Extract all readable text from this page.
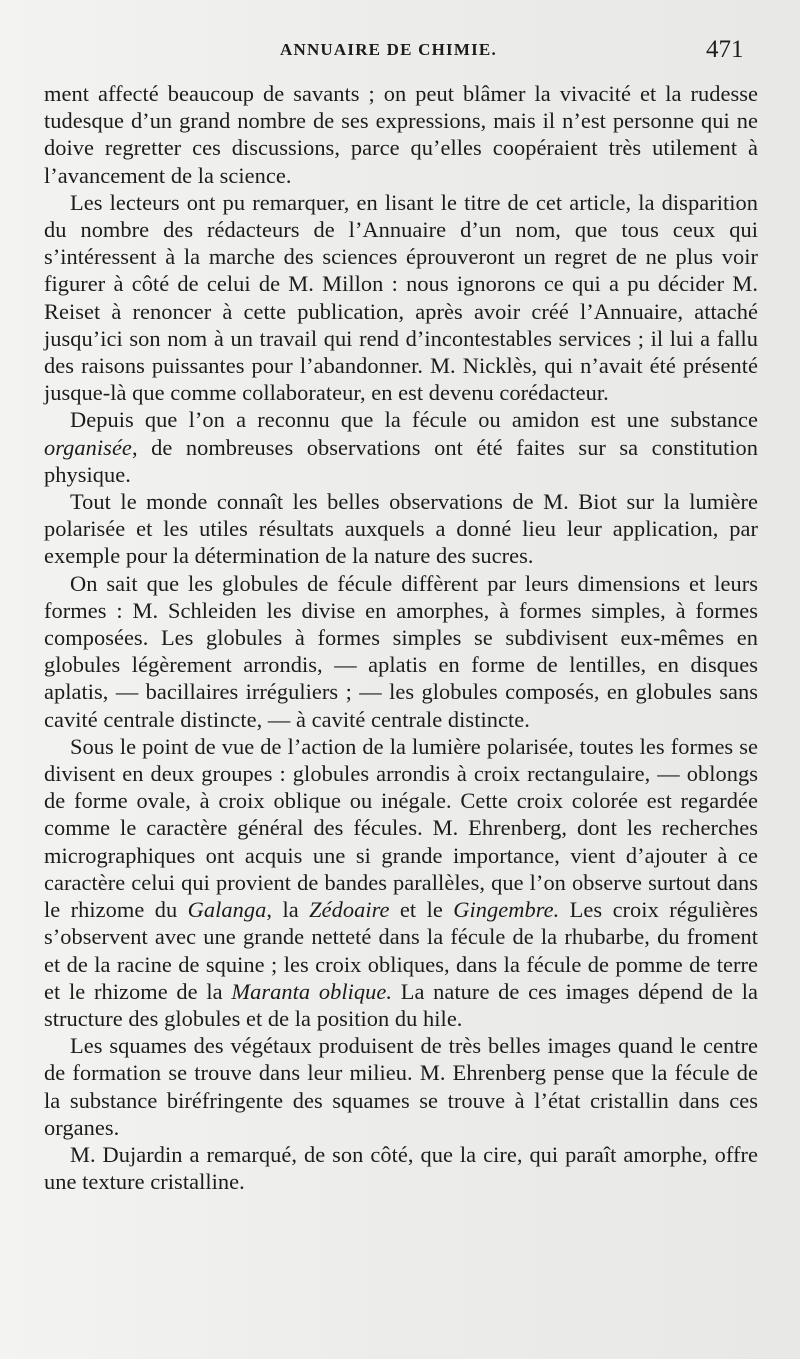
ANNUAIRE DE CHIMIE.	471

ment affecté beaucoup de savants ; on peut blâmer la vivacité et la rudesse tudesque d’un grand nombre de ses expressions, mais il n’est personne qui ne doive regretter ces discussions, parce qu’elles coopéraient très utilement à l’avancement de la science.

Les lecteurs ont pu remarquer, en lisant le titre de cet article, la disparition du nombre des rédacteurs de l’Annuaire d’un nom, que tous ceux qui s’intéressent à la marche des sciences éprouveront un regret de ne plus voir figurer à côté de celui de M. Millon : nous ignorons ce qui a pu décider M. Reiset à renoncer à cette publication, après avoir créé l’Annuaire, attaché jusqu’ici son nom à un travail qui rend d’incontestables services ; il lui a fallu des raisons puissantes pour l’abandonner. M. Nicklès, qui n’avait été présenté jusque-là que comme collaborateur, en est devenu corédacteur.

Depuis que l’on a reconnu que la fécule ou amidon est une substance organisée, de nombreuses observations ont été faites sur sa constitution physique.

Tout le monde connaît les belles observations de M. Biot sur la lumière polarisée et les utiles résultats auxquels a donné lieu leur application, par exemple pour la détermination de la nature des sucres.

On sait que les globules de fécule diffèrent par leurs dimensions et leurs formes : M. Schleiden les divise en amorphes, à formes simples, à formes composées. Les globules à formes simples se subdivisent eux-mêmes en globules légèrement arrondis, — aplatis en forme de lentilles, en disques aplatis, — bacillaires irréguliers ; — les globules composés, en globules sans cavité centrale distincte, — à cavité centrale distincte.

Sous le point de vue de l’action de la lumière polarisée, toutes les formes se divisent en deux groupes : globules arrondis à croix rectangulaire, — oblongs de forme ovale, à croix oblique ou inégale. Cette croix colorée est regardée comme le caractère général des fécules. M. Ehrenberg, dont les recherches micrographiques ont acquis une si grande importance, vient d’ajouter à ce caractère celui qui provient de bandes parallèles, que l’on observe surtout dans le rhizome du Galanga, la Zédoaire et le Gingembre. Les croix régulières s’observent avec une grande netteté dans la fécule de la rhubarbe, du froment et de la racine de squine ; les croix obliques, dans la fécule de pomme de terre et le rhizome de la Maranta oblique. La nature de ces images dépend de la structure des globules et de la position du hile.

Les squames des végétaux produisent de très belles images quand le centre de formation se trouve dans leur milieu. M. Ehrenberg pense que la fécule de la substance biréfringente des squames se trouve à l’état cristallin dans ces organes.

M. Dujardin a remarqué, de son côté, que la cire, qui paraît amorphe, offre une texture cristalline.
